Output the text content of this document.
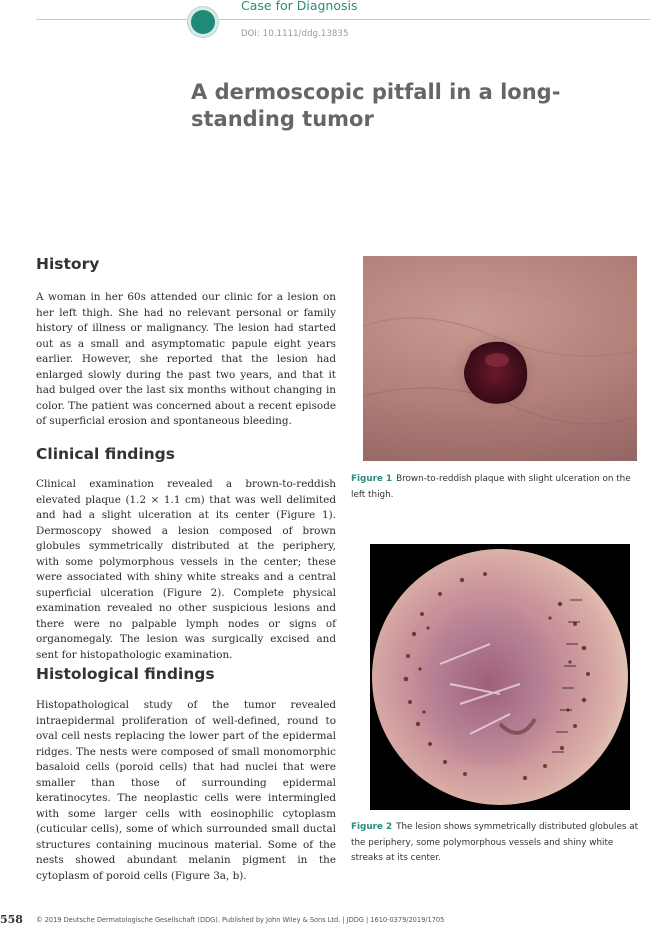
Case for Diagnosis
DOI: 10.1111/ddg.13835
A dermoscopic pitfall in a long-standing tumor
History

A woman in her 60s attended our clinic for a lesion on her left thigh. She had no relevant personal or family history of illness or malignancy. The lesion had started out as a small and asymptomatic papule eight years earlier. However, she reported that the lesion had enlarged slowly during the past two years, and that it had bulged over the last six months without changing in color. The patient was concerned about a recent episode of superficial erosion and spontaneous bleeding.

Clinical findings

Clinical examination revealed a brown-to-reddish elevated plaque (1.2 × 1.1 cm) that was well delimited and had a slight ulceration at its center (Figure 1). Dermoscopy showed a lesion composed of brown globules symmetrically distributed at the periphery, with some polymorphous vessels in the center; these were associated with shiny white streaks and a central superficial ulceration (Figure 2). Complete physical examination revealed no other suspicious lesions and there were no palpable lymph nodes or signs of organomegaly. The lesion was surgically excised and sent for histopathologic examination.

Histological findings

Histopathological study of the tumor revealed intraepidermal proliferation of well-defined, round to oval cell nests replacing the lower part of the epidermal ridges. The nests were composed of small monomorphic basaloid cells (poroid cells) that had nuclei that were smaller than those of surrounding epidermal keratinocytes. The neoplastic cells were intermingled with some larger cells with eosinophilic cytoplasm (cuticular cells), some of which surrounded small ductal structures containing mucinous material. Some of the nests showed abundant melanin pigment in the cytoplasm of poroid cells (Figure 3a, b).

Figure 1 Brown-to-reddish plaque with slight ulceration on the left thigh.
Figure 2 The lesion shows symmetrically distributed globules at the periphery, some polymorphous vessels and shiny white streaks at its center.
558 © 2019 Deutsche Dermatologische Gesellschaft (DDG). Published by John Wiley & Sons Ltd. | JDDG | 1610-0379/2019/1705
